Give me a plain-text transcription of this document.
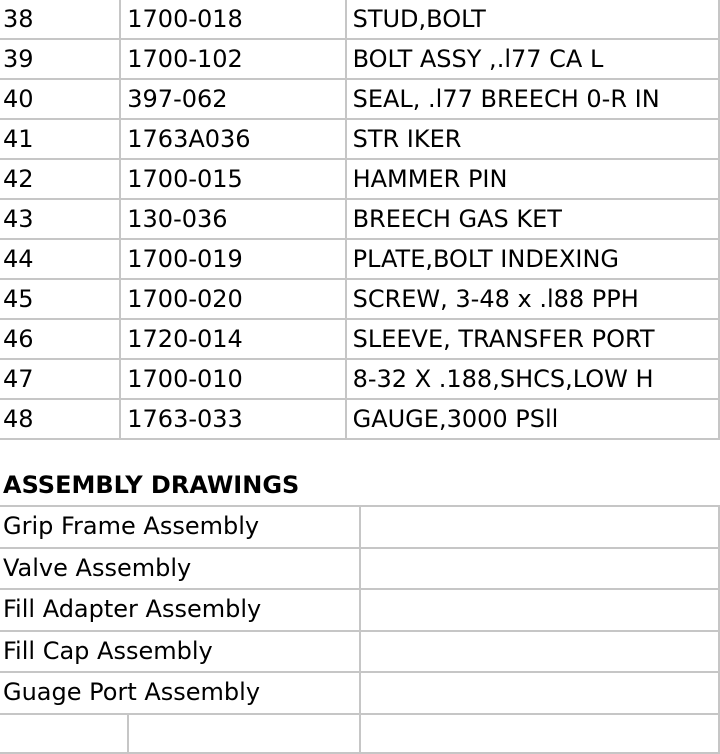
38	1700-018	STUD,BOLT
39	1700-102	BOLT ASSY ,.l77 CA L
40	397-062	SEAL, .l77 BREECH 0-R IN
41	1763A036	STR IKER
42	1700-015	HAMMER PIN
43	130-036	BREECH GAS KET
44	1700-019	PLATE,BOLT INDEXING
45	1700-020	SCREW, 3-48 x .l88 PPH
46	1720-014	SLEEVE, TRANSFER PORT
47	1700-010	8-32 X .188,SHCS,LOW H
48	1763-033	GAUGE,3000 PSll
ASSEMBLY DRAWINGS
Grip Frame Assembly		
Valve Assembly		
Fill Adapter Assembly		
Fill Cap Assembly		
Guage Port Assembly		
